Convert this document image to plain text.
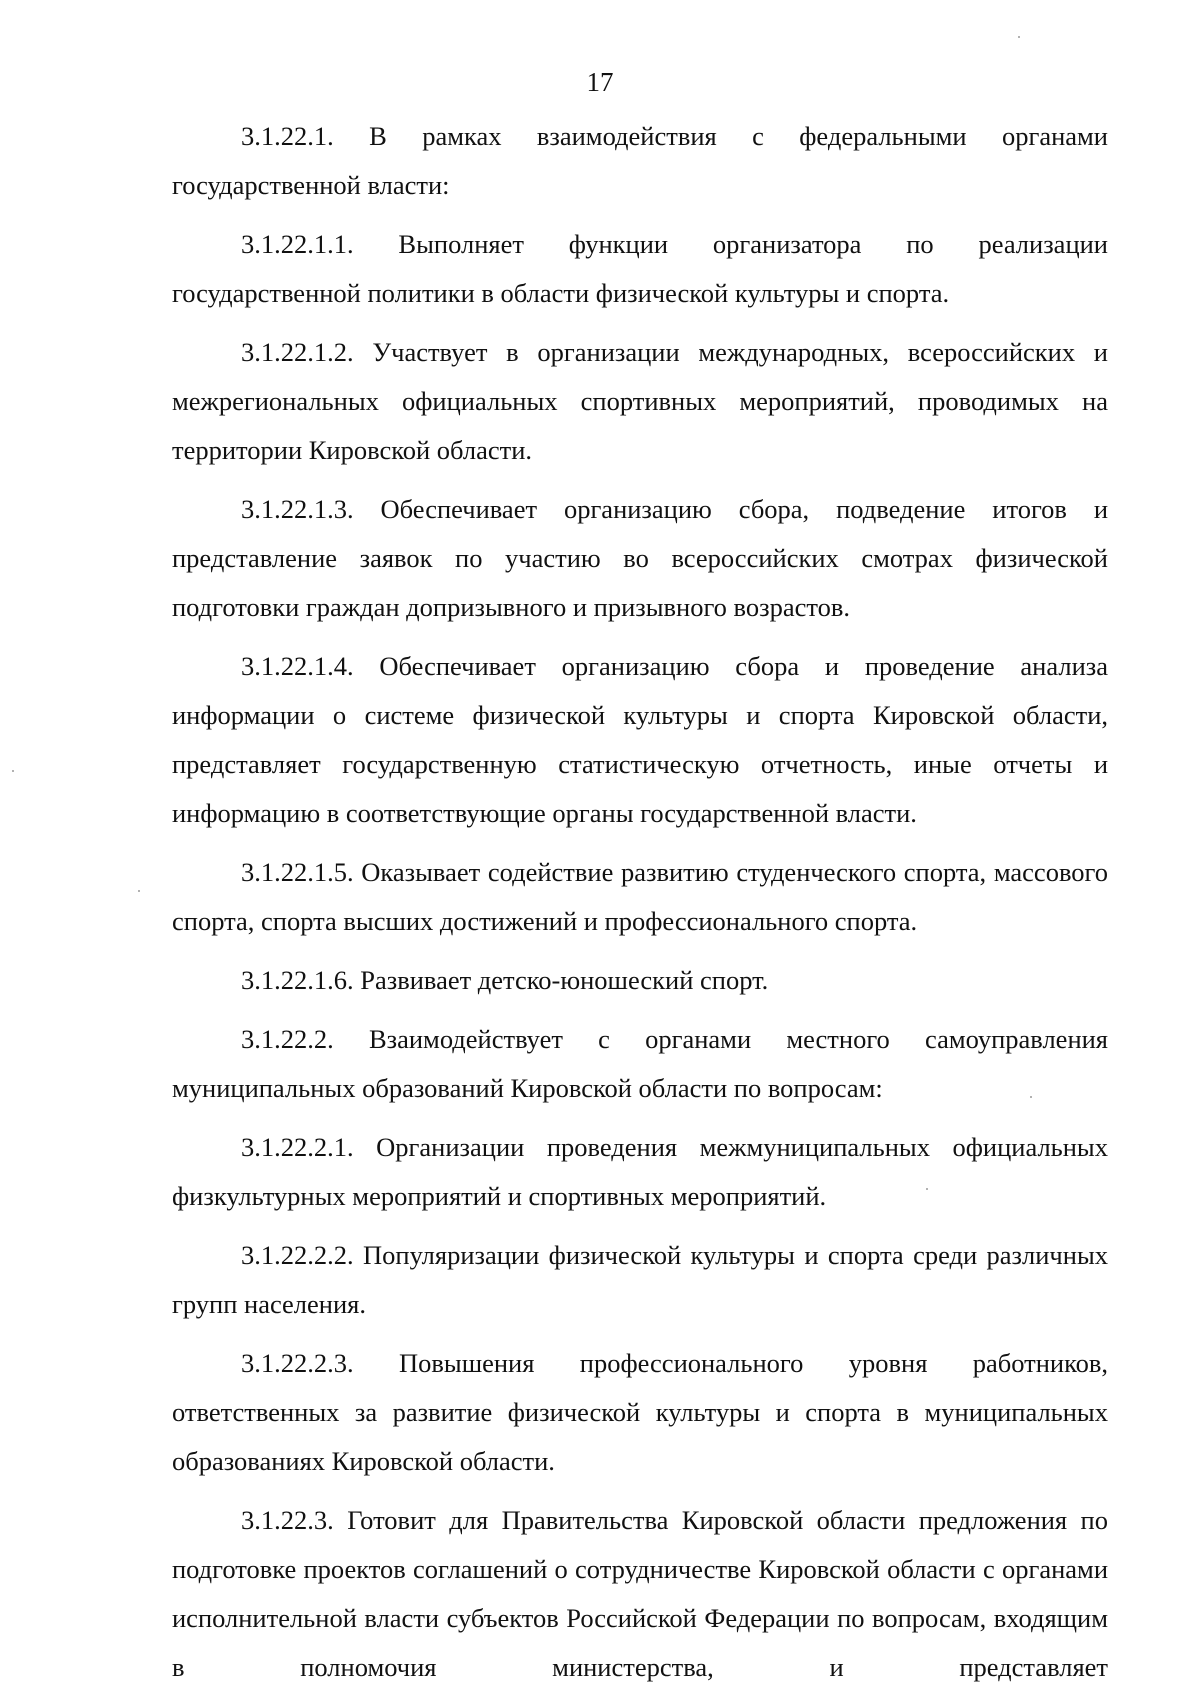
17

3.1.22.1. В рамках взаимодействия с федеральными органами государственной власти:

3.1.22.1.1. Выполняет функции организатора по реализации государственной политики в области физической культуры и спорта.

3.1.22.1.2. Участвует в организации международных, всероссийских и межрегиональных официальных спортивных мероприятий, проводимых на территории Кировской области.

3.1.22.1.3. Обеспечивает организацию сбора, подведение итогов и представление заявок по участию во всероссийских смотрах физической подготовки граждан допризывного и призывного возрастов.

3.1.22.1.4. Обеспечивает организацию сбора и проведение анализа информации о системе физической культуры и спорта Кировской области, представляет государственную статистическую отчетность, иные отчеты и информацию в соответствующие органы государственной власти.

3.1.22.1.5. Оказывает содействие развитию студенческого спорта, массового спорта, спорта высших достижений и профессионального спорта.

3.1.22.1.6. Развивает детско-юношеский спорт.

3.1.22.2. Взаимодействует с органами местного самоуправления муниципальных образований Кировской области по вопросам:

3.1.22.2.1. Организации проведения межмуниципальных официальных физкультурных мероприятий и спортивных мероприятий.

3.1.22.2.2. Популяризации физической культуры и спорта среди различных групп населения.

3.1.22.2.3. Повышения профессионального уровня работников, ответственных за развитие физической культуры и спорта в муниципальных образованиях Кировской области.

3.1.22.3. Готовит для Правительства Кировской области предложения по подготовке проектов соглашений о сотрудничестве Кировской области с органами исполнительной власти субъектов Российской Федерации по вопросам, входящим в полномочия министерства, и представляет
